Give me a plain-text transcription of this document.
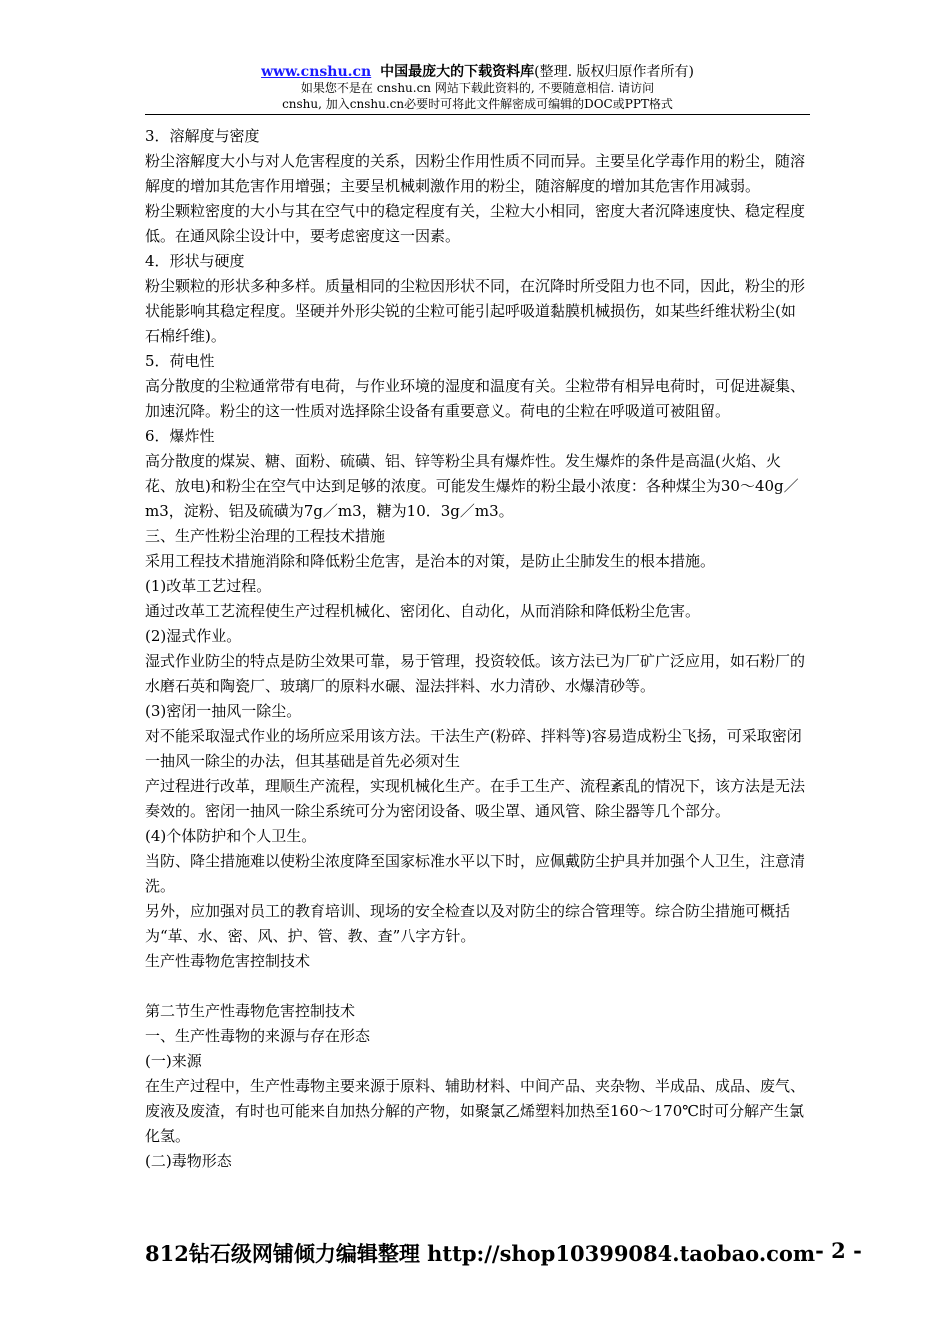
www.cnshu.cn 中国最庞大的下载资料库(整理. 版权归原作者所有)
如果您不是在 cnshu.cn 网站下载此资料的, 不要随意相信. 请访问
cnshu, 加入cnshu.cn必要时可将此文件解密成可编辑的DOC或PPT格式

3．溶解度与密度

粉尘溶解度大小与对人危害程度的关系，因粉尘作用性质不同而异。主要呈化学毒作用的粉尘，随溶解度的增加其危害作用增强；主要呈机械刺激作用的粉尘，随溶解度的增加其危害作用减弱。

粉尘颗粒密度的大小与其在空气中的稳定程度有关，尘粒大小相同，密度大者沉降速度快、稳定程度低。在通风除尘设计中，要考虑密度这一因素。

4．形状与硬度

粉尘颗粒的形状多种多样。质量相同的尘粒因形状不同，在沉降时所受阻力也不同，因此，粉尘的形状能影响其稳定程度。坚硬并外形尖锐的尘粒可能引起呼吸道黏膜机械损伤，如某些纤维状粉尘(如石棉纤维)。

5．荷电性

高分散度的尘粒通常带有电荷，与作业环境的湿度和温度有关。尘粒带有相异电荷时，可促进凝集、加速沉降。粉尘的这一性质对选择除尘设备有重要意义。荷电的尘粒在呼吸道可被阻留。

6．爆炸性

高分散度的煤炭、糖、面粉、硫磺、铝、锌等粉尘具有爆炸性。发生爆炸的条件是高温(火焰、火花、放电)和粉尘在空气中达到足够的浓度。可能发生爆炸的粉尘最小浓度：各种煤尘为30～40g／m3，淀粉、铝及硫磺为7g／m3，糖为10．3g／m3。

三、生产性粉尘治理的工程技术措施

采用工程技术措施消除和降低粉尘危害，是治本的对策，是防止尘肺发生的根本措施。

(1)改革工艺过程。

通过改革工艺流程使生产过程机械化、密闭化、自动化，从而消除和降低粉尘危害。

(2)湿式作业。

湿式作业防尘的特点是防尘效果可靠，易于管理，投资较低。该方法已为厂矿广泛应用，如石粉厂的水磨石英和陶瓷厂、玻璃厂的原料水碾、湿法拌料、水力清砂、水爆清砂等。

(3)密闭一抽风一除尘。

对不能采取湿式作业的场所应采用该方法。干法生产(粉碎、拌料等)容易造成粉尘飞扬，可采取密闭一抽风一除尘的办法，但其基础是首先必须对生

产过程进行改革，理顺生产流程，实现机械化生产。在手工生产、流程紊乱的情况下，该方法是无法奏效的。密闭一抽风一除尘系统可分为密闭设备、吸尘罩、通风管、除尘器等几个部分。

(4)个体防护和个人卫生。

当防、降尘措施难以使粉尘浓度降至国家标准水平以下时，应佩戴防尘护具并加强个人卫生，注意清洗。

另外，应加强对员工的教育培训、现场的安全检查以及对防尘的综合管理等。综合防尘措施可概括为“革、水、密、风、护、管、教、查”八字方针。

生产性毒物危害控制技术

第二节生产性毒物危害控制技术

一、生产性毒物的来源与存在形态

(一)来源

在生产过程中，生产性毒物主要来源于原料、辅助材料、中间产品、夹杂物、半成品、成品、废气、废液及废渣，有时也可能来自加热分解的产物，如聚氯乙烯塑料加热至160～170℃时可分解产生氯化氢。

(二)毒物形态

812钻石级网铺倾力编辑整理 http://shop10399084.taobao.com - 2 -
